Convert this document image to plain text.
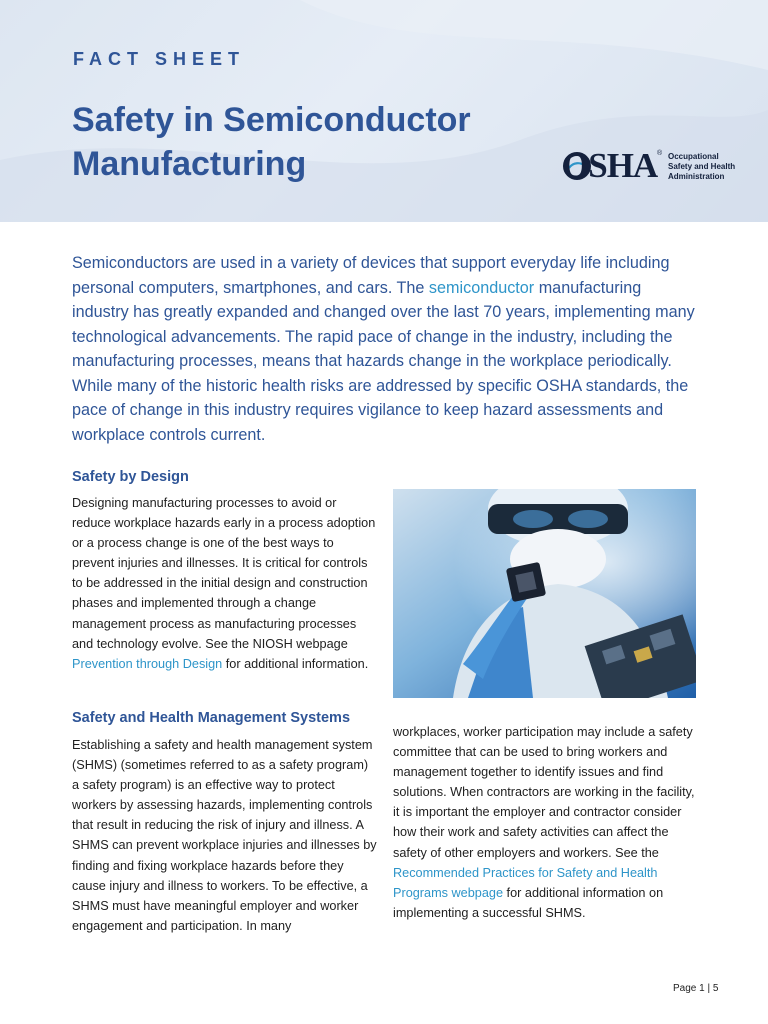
FACT SHEET
Safety in Semiconductor
Manufacturing	OSHA ® Occupational
Safety and Health
Administration

Semiconductors are used in a variety of devices that support everyday life including personal computers, smartphones, and cars. The semiconductor manufacturing industry has greatly expanded and changed over the last 70 years, implementing many technological advancements. The rapid pace of change in the industry, including the manufacturing processes, means that hazards change in the workplace periodically. While many of the historic health risks are addressed by specific OSHA standards, the pace of change in this industry requires vigilance to keep hazard assessments and workplace controls current.

Safety by Design

Designing manufacturing processes to avoid or reduce workplace hazards early in a process adoption or a process change is one of the best ways to prevent injuries and illnesses. It is critical for controls to be addressed in the initial design and construction phases and implemented through a change management process as manufacturing processes and technology evolve. See the NIOSH webpage Prevention through Design for additional information.

Safety and Health Management Systems

Establishing a safety and health management system (SHMS) (sometimes referred to as a safety program) a safety program) is an effective way to protect workers by assessing hazards, implementing controls that result in reducing the risk of injury and illness. A SHMS can prevent workplace injuries and illnesses by finding and fixing workplace hazards before they cause injury and illness to workers. To be effective, a SHMS must have meaningful employer and worker engagement and participation. In many

workplaces, worker participation may include a safety committee that can be used to bring workers and management together to identify issues and find solutions. When contractors are working in the facility, it is important the employer and contractor consider how their work and safety activities can affect the safety of other employers and workers. See the Recommended Practices for Safety and Health Programs webpage for additional information on implementing a successful SHMS.

Page 1 | 5
